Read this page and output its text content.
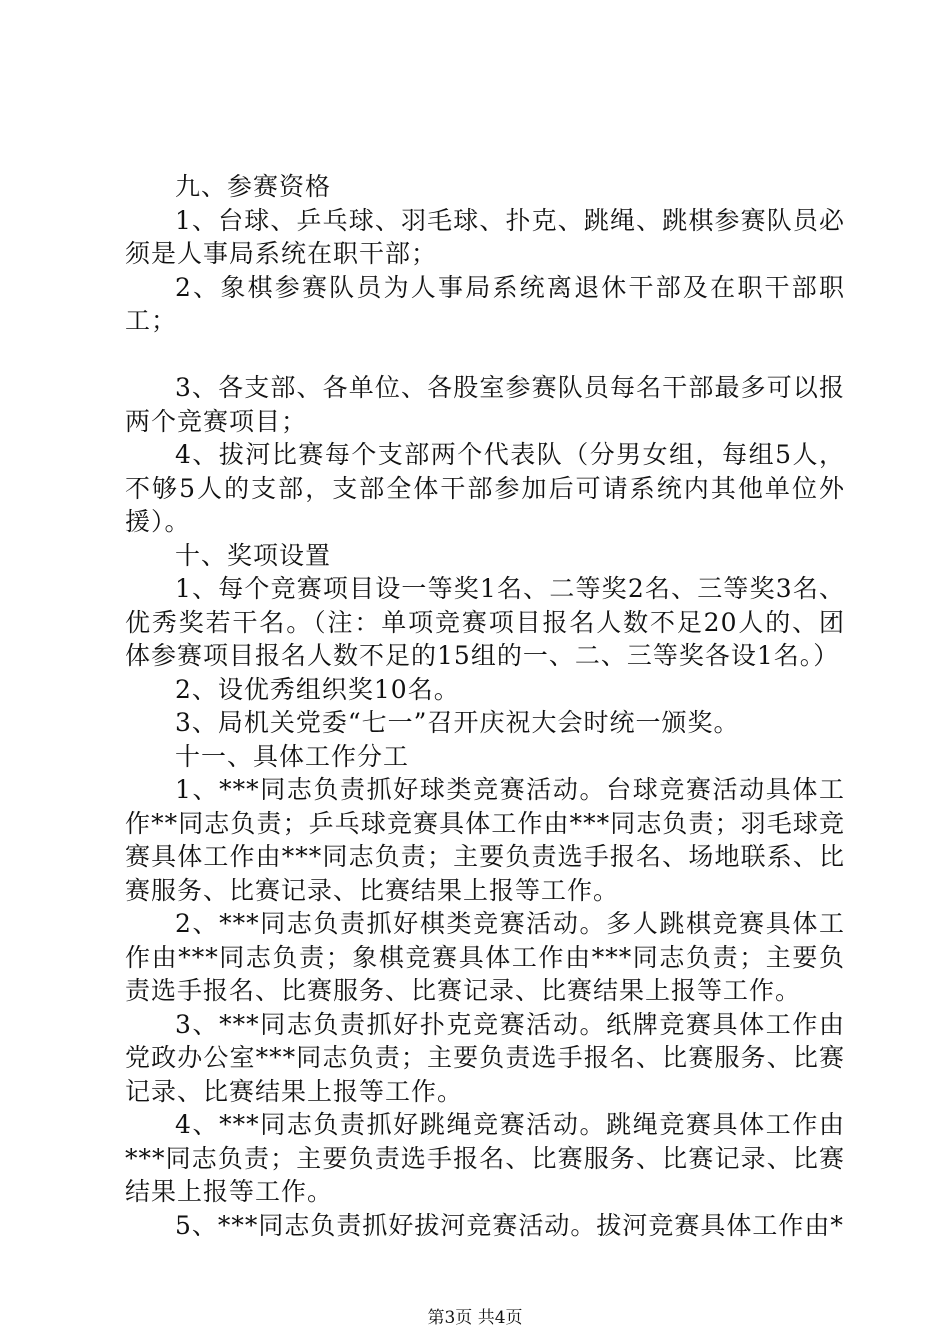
九、参赛资格

1、台球、乒乓球、羽毛球、扑克、跳绳、跳棋参赛队员必须是人事局系统在职干部；

2、象棋参赛队员为人事局系统离退休干部及在职干部职工；

3、各支部、各单位、各股室参赛队员每名干部最多可以报两个竞赛项目；

4、拔河比赛每个支部两个代表队（分男女组，每组5人，不够5人的支部，支部全体干部参加后可请系统内其他单位外援）。

十、奖项设置

1、每个竞赛项目设一等奖1名、二等奖2名、三等奖3名、优秀奖若干名。（注：单项竞赛项目报名人数不足20人的、团体参赛项目报名人数不足的15组的一、二、三等奖各设1名。）

2、设优秀组织奖10名。

3、局机关党委“七一”召开庆祝大会时统一颁奖。

十一、具体工作分工

1、***同志负责抓好球类竞赛活动。台球竞赛活动具体工作**同志负责；乒乓球竞赛具体工作由***同志负责；羽毛球竞赛具体工作由***同志负责；主要负责选手报名、场地联系、比赛服务、比赛记录、比赛结果上报等工作。

2、***同志负责抓好棋类竞赛活动。多人跳棋竞赛具体工作由***同志负责；象棋竞赛具体工作由***同志负责；主要负责选手报名、比赛服务、比赛记录、比赛结果上报等工作。

3、***同志负责抓好扑克竞赛活动。纸牌竞赛具体工作由党政办公室***同志负责；主要负责选手报名、比赛服务、比赛记录、比赛结果上报等工作。

4、***同志负责抓好跳绳竞赛活动。跳绳竞赛具体工作由***同志负责；主要负责选手报名、比赛服务、比赛记录、比赛结果上报等工作。

5、***同志负责抓好拔河竞赛活动。拔河竞赛具体工作由*

第3页 共4页
